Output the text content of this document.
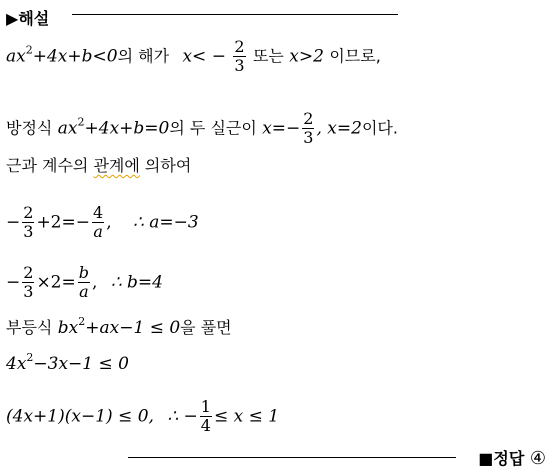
▶해설
$ax^2+4x+b<0$의 해가 $x< - \frac{2}{3}$ 또는 x>2 이므로,
방정식 $ax^2+4x+b=0$의 두 실근이 $x=- \frac{2}{3}$ , x=2이다.
근과 계수의 관계에 의하여
− $\frac{2}{3} +2=- \frac{4}{a}$ , ∴ a=−3
− $\frac{2}{3} \times 2= \frac{b}{a}$ , ∴ b=4
부등식 $bx^2+ax-1 \le 0$을 풀면
$4x^2-3x-1 \le 0$
(4x+1)(x−1) ≤ 0, ∴ − $\frac{1}{4} \le x \le 1$
■정답 ④
